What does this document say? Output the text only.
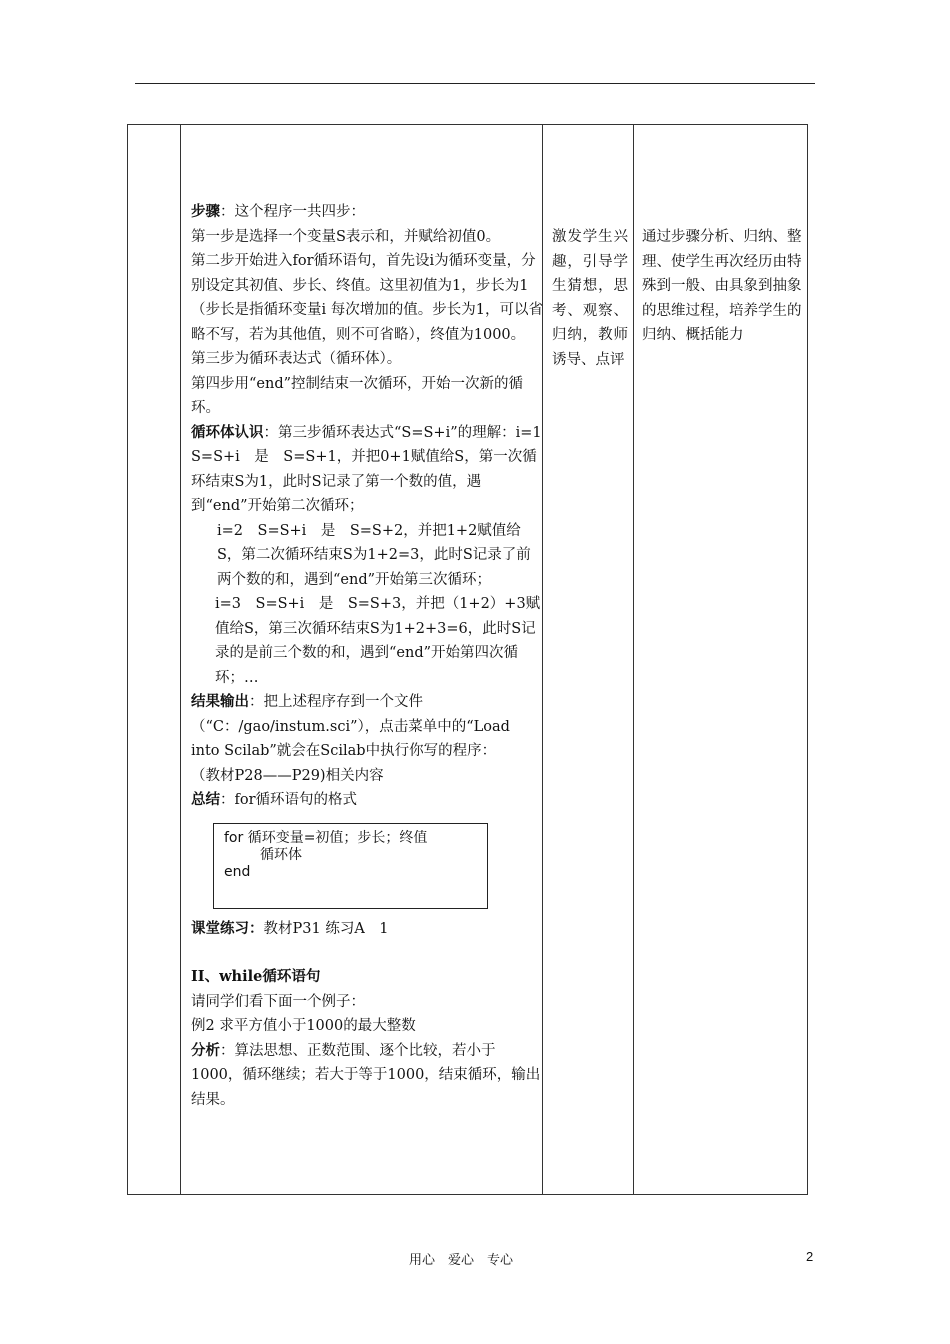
步骤：这个程序一共四步：

第一步是选择一个变量S表示和，并赋给初值0。

第二步开始进入for循环语句，首先设i为循环变量，分别设定其初值、步长、终值。这里初值为1，步长为1（步长是指循环变量i 每次增加的值。步长为1，可以省略不写，若为其他值，则不可省略），终值为1000。

第三步为循环表达式（循环体）。

第四步用“end”控制结束一次循环，开始一次新的循环。

循环体认识：第三步循环表达式“S=S+i”的理解：i=1　S=S+i　是　S=S+1，并把0+1赋值给S，第一次循环结束S为1，此时S记录了第一个数的值，遇到“end”开始第二次循环；

i=2　S=S+i　是　S=S+2，并把1+2赋值给S，第二次循环结束S为1+2=3，此时S记录了前两个数的和，遇到“end”开始第三次循环；

i=3　S=S+i　是　S=S+3，并把（1+2）+3赋值给S，第三次循环结束S为1+2+3=6，此时S记录的是前三个数的和，遇到“end”开始第四次循环；…

结果输出：把上述程序存到一个文件（“C：/gao/instum.sci”），点击菜单中的“Load into Scilab”就会在Scilab中执行你写的程序：

（教材P28——P29)相关内容

总结：for循环语句的格式

for 循环变量=初值；步长；终值
循环体
end

课堂练习：教材P31 练习A　1

II、while循环语句

请同学们看下面一个例子：

例2 求平方值小于1000的最大整数

分析：算法思想、正数范围、逐个比较，若小于1000，循环继续；若大于等于1000，结束循环，输出结果。

激发学生兴趣，引导学生猜想，思考、观察、归纳，教师诱导、点评
通过步骤分析、归纳、整理、使学生再次经历由特殊到一般、由具象到抽象的思维过程，培养学生的归纳、概括能力
用心　爱心　专心	2
